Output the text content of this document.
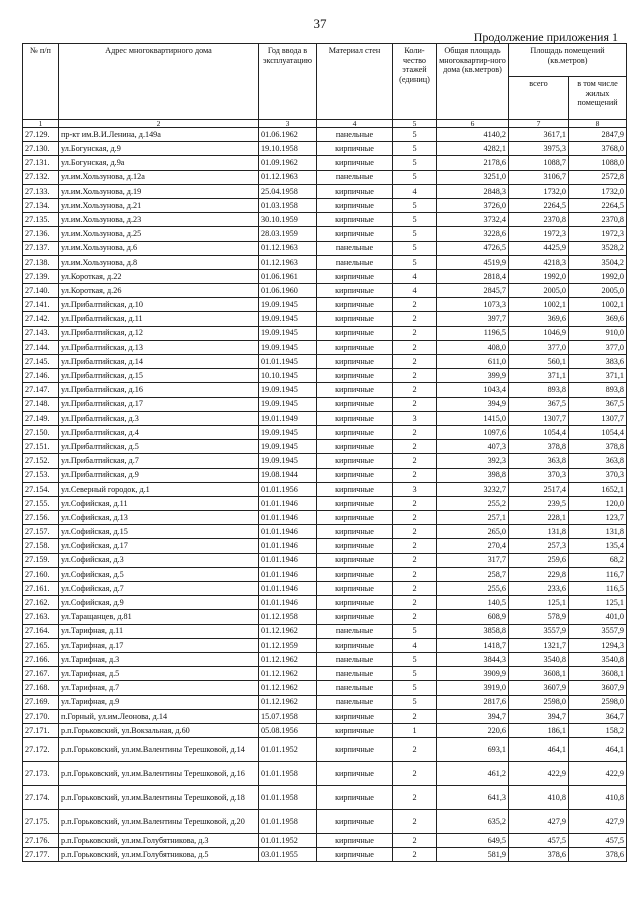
37
Продолжение приложения 1
№ п/п	Адрес многоквартирного дома	Год ввода в эксплуатацию	Материал стен	Коли-чество этажей (единиц)	Общая площадь многоквартир-ного дома (кв.метров)	Площадь помещений (кв.метров)	
						всего	в том числе жилых помещений
1	2	3	4	5	6	7	8
27.129.	пр-кт им.В.И.Ленина, д.149а	01.06.1962	панельные	5	4140,2	3617,1	2847,9
27.130.	ул.Богунская, д.9	19.10.1958	кирпичные	5	4282,1	3975,3	3768,0
27.131.	ул.Богунская, д.9а	01.09.1962	кирпичные	5	2178,6	1088,7	1088,0
27.132.	ул.им.Хользунова, д.12а	01.12.1963	панельные	5	3251,0	3106,7	2572,8
27.133.	ул.им.Хользунова, д.19	25.04.1958	кирпичные	4	2848,3	1732,0	1732,0
27.134.	ул.им.Хользунова, д.21	01.03.1958	кирпичные	5	3726,0	2264,5	2264,5
27.135.	ул.им.Хользунова, д.23	30.10.1959	кирпичные	5	3732,4	2370,8	2370,8
27.136.	ул.им.Хользунова, д.25	28.03.1959	кирпичные	5	3228,6	1972,3	1972,3
27.137.	ул.им.Хользунова, д.6	01.12.1963	панельные	5	4726,5	4425,9	3528,2
27.138.	ул.им.Хользунова, д.8	01.12.1963	панельные	5	4519,9	4218,3	3504,2
27.139.	ул.Короткая, д.22	01.06.1961	кирпичные	4	2818,4	1992,0	1992,0
27.140.	ул.Короткая, д.26	01.06.1960	кирпичные	4	2845,7	2005,0	2005,0
27.141.	ул.Прибалтийская, д.10	19.09.1945	кирпичные	2	1073,3	1002,1	1002,1
27.142.	ул.Прибалтийская, д.11	19.09.1945	кирпичные	2	397,7	369,6	369,6
27.143.	ул.Прибалтийская, д.12	19.09.1945	кирпичные	2	1196,5	1046,9	910,0
27.144.	ул.Прибалтийская, д.13	19.09.1945	кирпичные	2	408,0	377,0	377,0
27.145.	ул.Прибалтийская, д.14	01.01.1945	кирпичные	2	611,0	560,1	383,6
27.146.	ул.Прибалтийская, д.15	10.10.1945	кирпичные	2	399,9	371,1	371,1
27.147.	ул.Прибалтийская, д.16	19.09.1945	кирпичные	2	1043,4	893,8	893,8
27.148.	ул.Прибалтийская, д.17	19.09.1945	кирпичные	2	394,9	367,5	367,5
27.149.	ул.Прибалтийская, д.3	19.01.1949	кирпичные	3	1415,0	1307,7	1307,7
27.150.	ул.Прибалтийская, д.4	19.09.1945	кирпичные	2	1097,6	1054,4	1054,4
27.151.	ул.Прибалтийская, д.5	19.09.1945	кирпичные	2	407,3	378,8	378,8
27.152.	ул.Прибалтийская, д.7	19.09.1945	кирпичные	2	392,3	363,8	363,8
27.153.	ул.Прибалтийская, д.9	19.08.1944	кирпичные	2	398,8	370,3	370,3
27.154.	ул.Северный городок, д.1	01.01.1956	кирпичные	3	3232,7	2517,4	1652,1
27.155.	ул.Софийская, д.11	01.01.1946	кирпичные	2	255,2	239,5	120,0
27.156.	ул.Софийская, д.13	01.01.1946	кирпичные	2	257,1	228,1	123,7
27.157.	ул.Софийская, д.15	01.01.1946	кирпичные	2	265,0	131,8	131,8
27.158.	ул.Софийская, д.17	01.01.1946	кирпичные	2	270,4	257,3	135,4
27.159.	ул.Софийская, д.3	01.01.1946	кирпичные	2	317,7	259,6	68,2
27.160.	ул.Софийская, д.5	01.01.1946	кирпичные	2	258,7	229,8	116,7
27.161.	ул.Софийская, д.7	01.01.1946	кирпичные	2	255,6	233,6	116,5
27.162.	ул.Софийская, д.9	01.01.1946	кирпичные	2	140,5	125,1	125,1
27.163.	ул.Таращанцев, д.81	01.12.1958	кирпичные	2	608,9	578,9	401,0
27.164.	ул.Тарифная, д.11	01.12.1962	панельные	5	3858,8	3557,9	3557,9
27.165.	ул.Тарифная, д.17	01.12.1959	кирпичные	4	1418,7	1321,7	1294,3
27.166.	ул.Тарифная, д.3	01.12.1962	панельные	5	3844,3	3540,8	3540,8
27.167.	ул.Тарифная, д.5	01.12.1962	панельные	5	3909,9	3608,1	3608,1
27.168.	ул.Тарифная, д.7	01.12.1962	панельные	5	3919,0	3607,9	3607,9
27.169.	ул.Тарифная, д.9	01.12.1962	панельные	5	2817,6	2598,0	2598,0
27.170.	п.Горный, ул.им.Леонова, д.14	15.07.1958	кирпичные	2	394,7	394,7	364,7
27.171.	р.п.Горьковский, ул.Вокзальная, д.60	05.08.1956	кирпичные	1	220,6	186,1	158,2
27.172.	р.п.Горьковский, ул.им.Валентины Терешковой, д.14	01.01.1952	кирпичные	2	693,1	464,1	464,1
27.173.	р.п.Горьковский, ул.им.Валентины Терешковой, д.16	01.01.1958	кирпичные	2	461,2	422,9	422,9
27.174.	р.п.Горьковский, ул.им.Валентины Терешковой, д.18	01.01.1958	кирпичные	2	641,3	410,8	410,8
27.175.	р.п.Горьковский, ул.им.Валентины Терешковой, д.20	01.01.1958	кирпичные	2	635,2	427,9	427,9
27.176.	р.п.Горьковский, ул.им.Голубятникова, д.3	01.01.1952	кирпичные	2	649,5	457,5	457,5
27.177.	р.п.Горьковский, ул.им.Голубятникова, д.5	03.01.1955	кирпичные	2	581,9	378,6	378,6
